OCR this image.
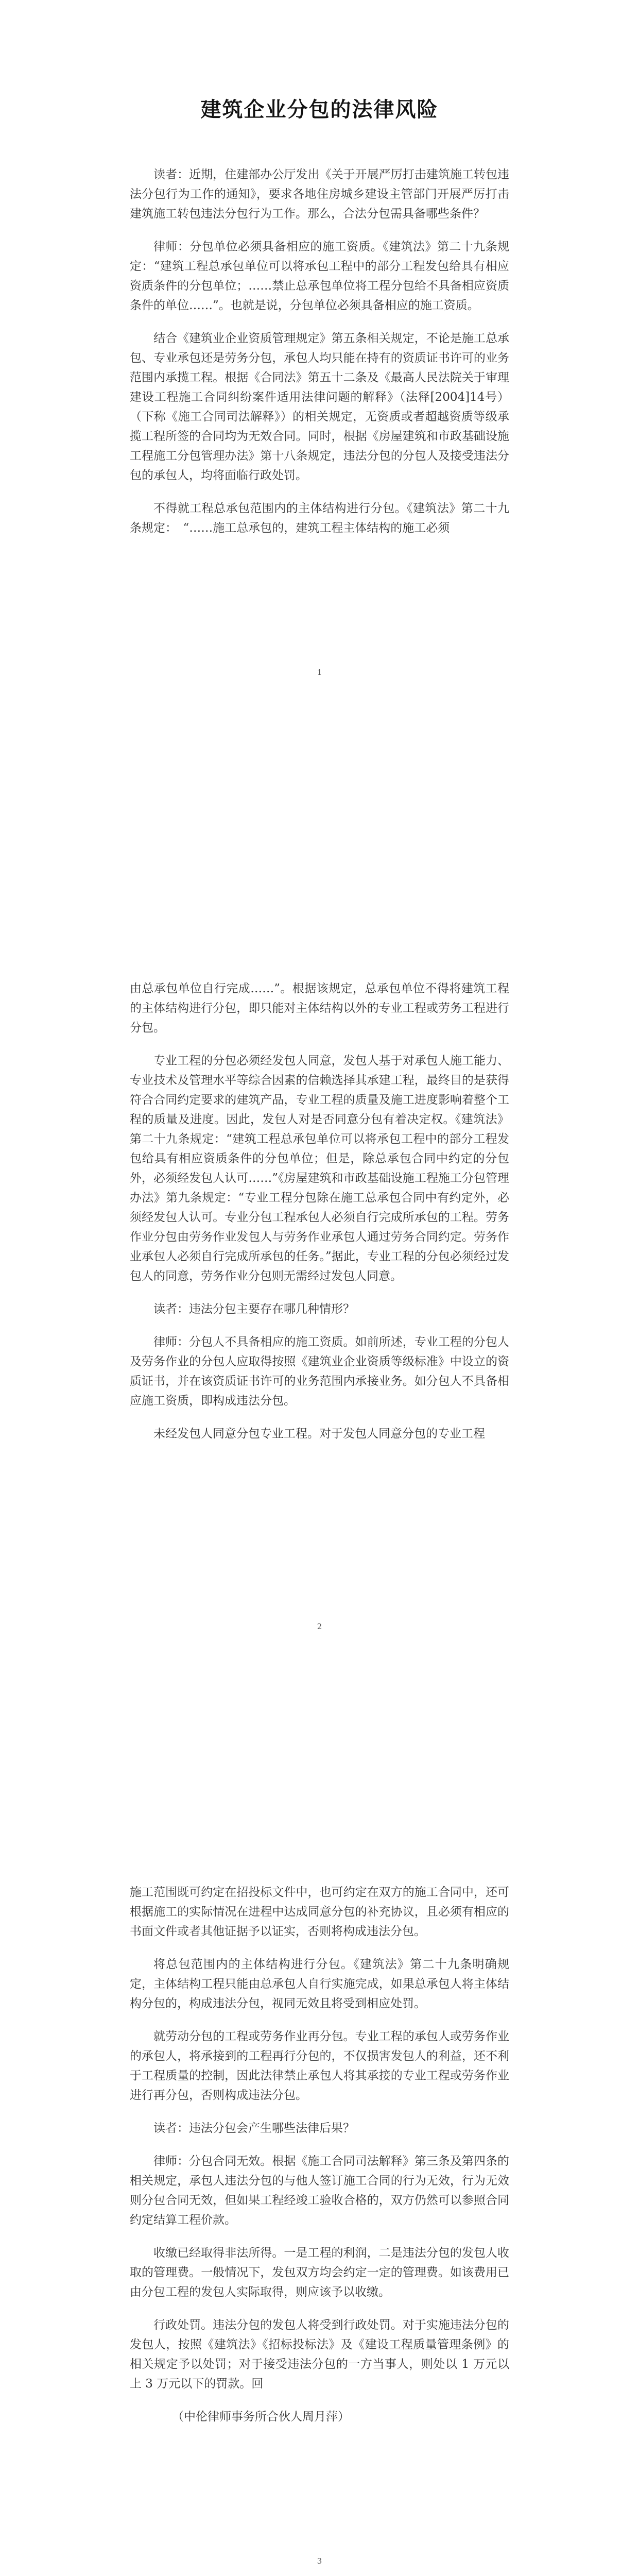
建筑企业分包的法律风险

读者：近期，住建部办公厅发出《关于开展严厉打击建筑施工转包违法分包行为工作的通知》，要求各地住房城乡建设主管部门开展严厉打击建筑施工转包违法分包行为工作。那么，合法分包需具备哪些条件？

律师：分包单位必须具备相应的施工资质。《建筑法》第二十九条规定：“建筑工程总承包单位可以将承包工程中的部分工程发包给具有相应资质条件的分包单位；……禁止总承包单位将工程分包给不具备相应资质条件的单位……”。也就是说，分包单位必须具备相应的施工资质。

结合《建筑业企业资质管理规定》第五条相关规定，不论是施工总承包、专业承包还是劳务分包，承包人均只能在持有的资质证书许可的业务范围内承揽工程。根据《合同法》第五十二条及《最高人民法院关于审理建设工程施工合同纠纷案件适用法律问题的解释》（法释[2004]14号）（下称《施工合同司法解释》）的相关规定，无资质或者超越资质等级承揽工程所签的合同均为无效合同。同时，根据《房屋建筑和市政基础设施工程施工分包管理办法》第十八条规定，违法分包的分包人及接受违法分包的承包人，均将面临行政处罚。

不得就工程总承包范围内的主体结构进行分包。《建筑法》第二十九条规定：　“……施工总承包的，建筑工程主体结构的施工必须

1

由总承包单位自行完成……”。根据该规定，总承包单位不得将建筑工程的主体结构进行分包，即只能对主体结构以外的专业工程或劳务工程进行分包。

专业工程的分包必须经发包人同意，发包人基于对承包人施工能力、专业技术及管理水平等综合因素的信赖选择其承建工程，最终目的是获得符合合同约定要求的建筑产品，专业工程的质量及施工进度影响着整个工程的质量及进度。因此，发包人对是否同意分包有着决定权。《建筑法》第二十九条规定：“建筑工程总承包单位可以将承包工程中的部分工程发包给具有相应资质条件的分包单位；但是，除总承包合同中约定的分包外，必须经发包人认可……”《房屋建筑和市政基础设施工程施工分包管理办法》第九条规定：“专业工程分包除在施工总承包合同中有约定外，必须经发包人认可。专业分包工程承包人必须自行完成所承包的工程。劳务作业分包由劳务作业发包人与劳务作业承包人通过劳务合同约定。劳务作业承包人必须自行完成所承包的任务。”据此，专业工程的分包必须经过发包人的同意，劳务作业分包则无需经过发包人同意。

读者：违法分包主要存在哪几种情形？

律师：分包人不具备相应的施工资质。如前所述，专业工程的分包人及劳务作业的分包人应取得按照《建筑业企业资质等级标准》中设立的资质证书，并在该资质证书许可的业务范围内承接业务。如分包人不具备相应施工资质，即构成违法分包。

未经发包人同意分包专业工程。对于发包人同意分包的专业工程

2

施工范围既可约定在招投标文件中，也可约定在双方的施工合同中，还可根据施工的实际情况在进程中达成同意分包的补充协议，且必须有相应的书面文件或者其他证据予以证实，否则将构成违法分包。

将总包范围内的主体结构进行分包。《建筑法》第二十九条明确规定，主体结构工程只能由总承包人自行实施完成，如果总承包人将主体结构分包的，构成违法分包，视同无效且将受到相应处罚。

就劳动分包的工程或劳务作业再分包。专业工程的承包人或劳务作业的承包人，将承接到的工程再行分包的，不仅损害发包人的利益，还不利于工程质量的控制，因此法律禁止承包人将其承接的专业工程或劳务作业进行再分包，否则构成违法分包。

读者：违法分包会产生哪些法律后果？

律师：分包合同无效。根据《施工合同司法解释》第三条及第四条的相关规定，承包人违法分包的与他人签订施工合同的行为无效，行为无效则分包合同无效，但如果工程经竣工验收合格的，双方仍然可以参照合同约定结算工程价款。

收缴已经取得非法所得。一是工程的利润，二是违法分包的发包人收取的管理费。一般情况下，发包双方均会约定一定的管理费。如该费用已由分包工程的发包人实际取得，则应该予以收缴。

行政处罚。违法分包的发包人将受到行政处罚。对于实施违法分包的发包人，按照《建筑法》《招标投标法》及《建设工程质量管理条例》的相关规定予以处罚；对于接受违法分包的一方当事人，则处以 1 万元以上 3 万元以下的罚款。回

（中伦律师事务所合伙人周月萍）

3
